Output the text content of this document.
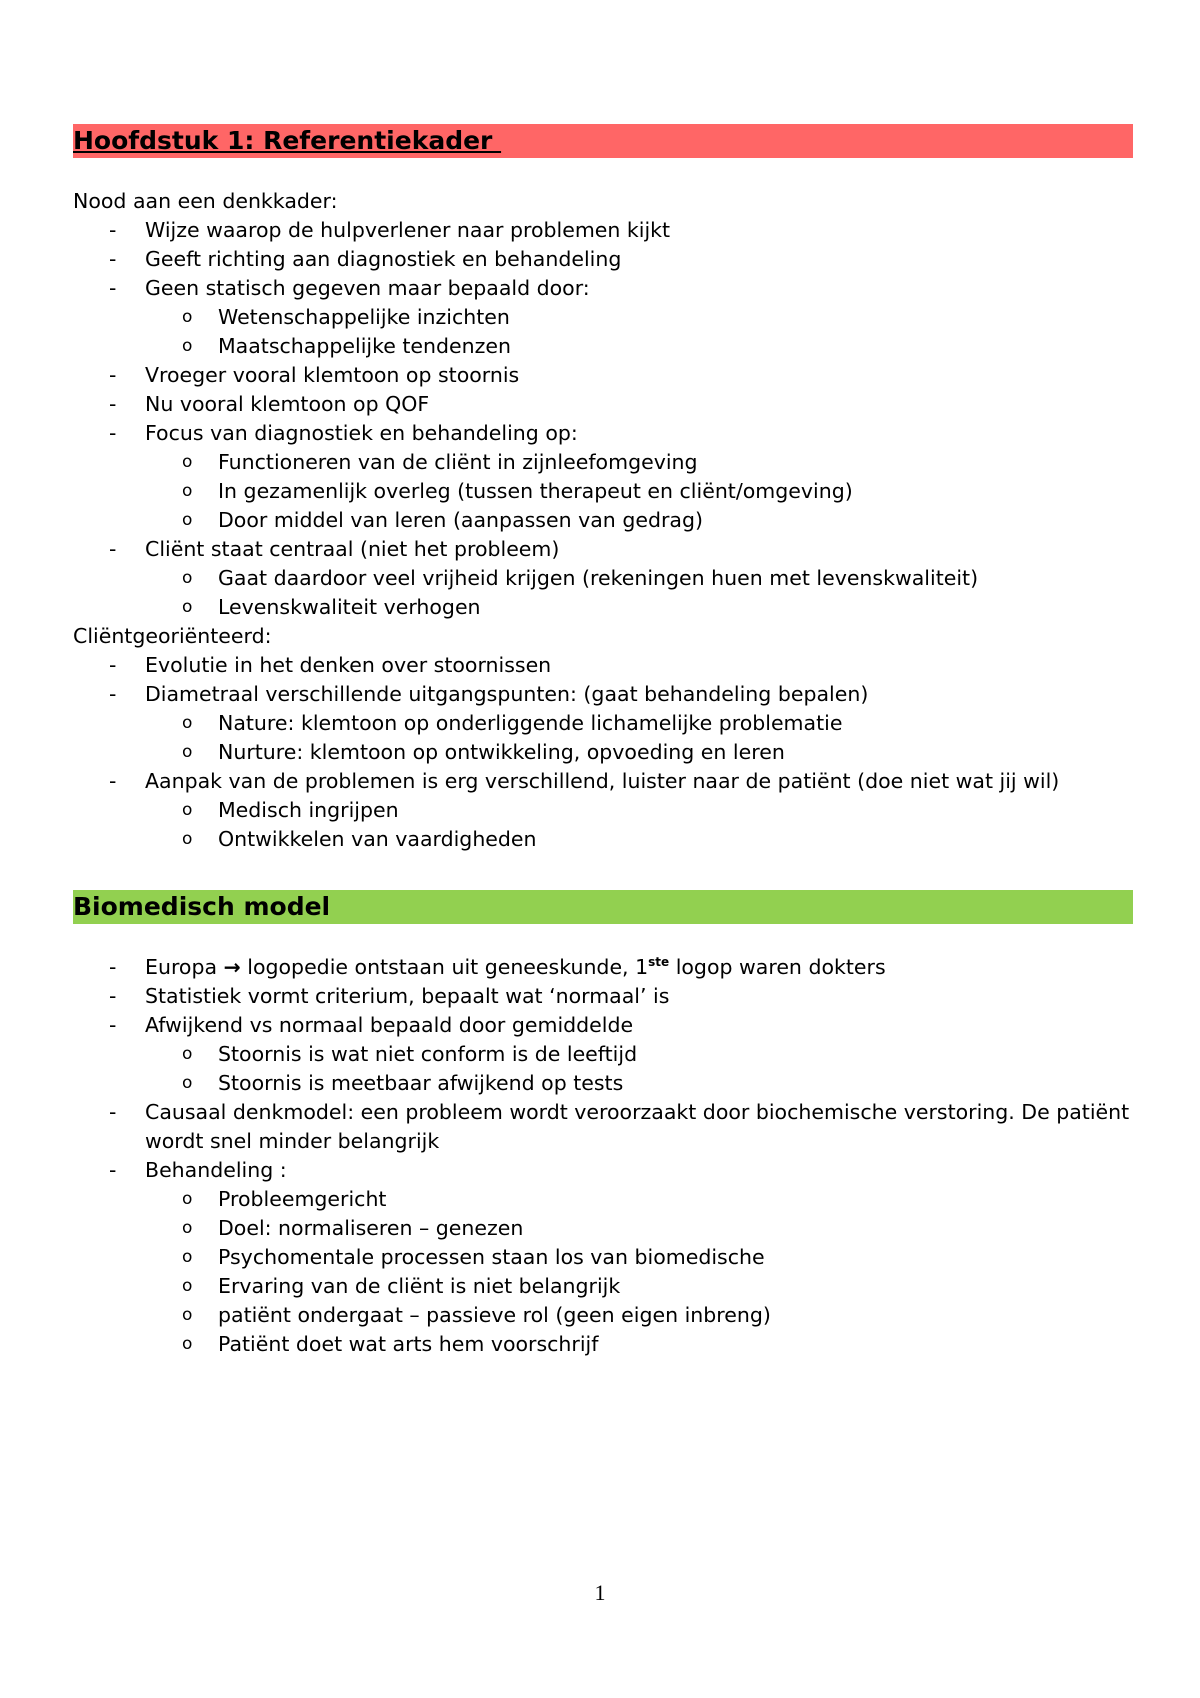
Hoofdstuk 1: Referentiekader
Nood aan een denkkader:
- Wijze waarop de hulpverlener naar problemen kijkt
- Geeft richting aan diagnostiek en behandeling
- Geen statisch gegeven maar bepaald door:
o Wetenschappelijke inzichten
o Maatschappelijke tendenzen
- Vroeger vooral klemtoon op stoornis
- Nu vooral klemtoon op QOF
- Focus van diagnostiek en behandeling op:
o Functioneren van de cliënt in zijnleefomgeving
o In gezamenlijk overleg (tussen therapeut en cliënt/omgeving)
o Door middel van leren (aanpassen van gedrag)
- Cliënt staat centraal (niet het probleem)
o Gaat daardoor veel vrijheid krijgen (rekeningen huen met levenskwaliteit)
o Levenskwaliteit verhogen
Cliëntgeoriënteerd:
- Evolutie in het denken over stoornissen
- Diametraal verschillende uitgangspunten: (gaat behandeling bepalen)
o Nature: klemtoon op onderliggende lichamelijke problematie
o Nurture: klemtoon op ontwikkeling, opvoeding en leren
- Aanpak van de problemen is erg verschillend, luister naar de patiënt (doe niet wat jij wil)
o Medisch ingrijpen
o Ontwikkelen van vaardigheden
Biomedisch model
- Europa → logopedie ontstaan uit geneeskunde, 1ste logop waren dokters
- Statistiek vormt criterium, bepaalt wat ‘normaal’ is
- Afwijkend vs normaal bepaald door gemiddelde
o Stoornis is wat niet conform is de leeftijd
o Stoornis is meetbaar afwijkend op tests
- Causaal denkmodel: een probleem wordt veroorzaakt door biochemische verstoring. De patiënt wordt snel minder belangrijk
- Behandeling :
o Probleemgericht
o Doel: normaliseren – genezen
o Psychomentale processen staan los van biomedische
o Ervaring van de cliënt is niet belangrijk
o patiënt ondergaat – passieve rol (geen eigen inbreng)
o Patiënt doet wat arts hem voorschrijf
1
